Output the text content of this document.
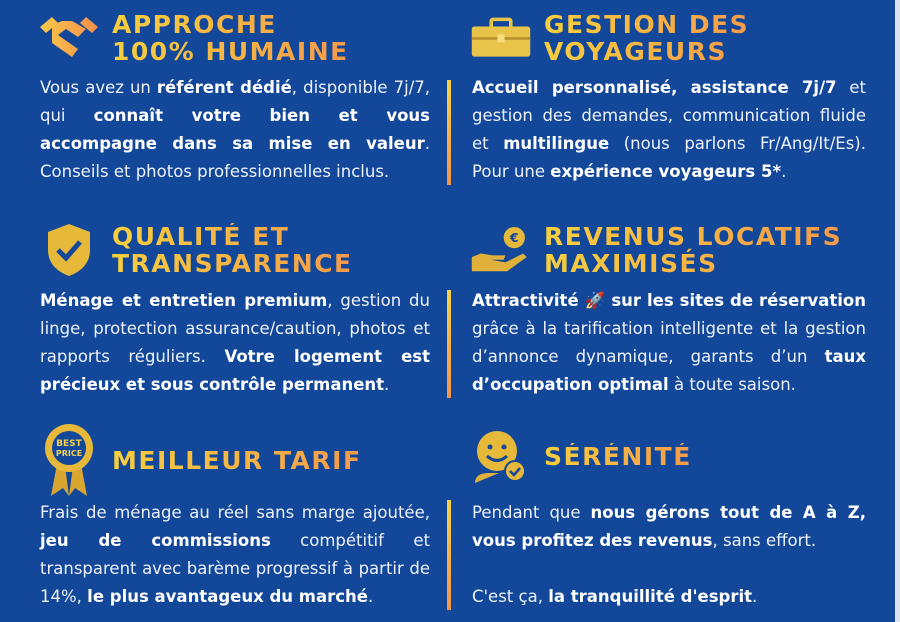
APPROCHE
100% HUMAINE
GESTION DES
VOYAGEURS
QUALITÉ ET
TRANSPARENCE
€ REVENUS LOCATIFS
MAXIMISÉS
BEST
PRICE MEILLEUR TARIF	SÉRÉNITÉ
Vous avez un référent dédié, disponible 7j/7, qui connaît votre bien et vous accompagne dans sa mise en valeur. Conseils et photos professionnelles inclus.
Accueil personnalisé, assistance 7j/7 et gestion des demandes, communication fluide et multilingue (nous parlons Fr/Ang/It/Es). Pour une expérience voyageurs 5*.
Ménage et entretien premium, gestion du linge, protection assurance/caution, photos et rapports réguliers. Votre logement est précieux et sous contrôle permanent.
Attractivité 🚀 sur les sites de réservation grâce à la tarification intelligente et la gestion d’annonce dynamique, garants d’un taux d’occupation optimal à toute saison.
Frais de ménage au réel sans marge ajoutée, jeu de commissions compétitif et transparent avec barème progressif à partir de 14%, le plus avantageux du marché.
Pendant que nous gérons tout de A à Z, vous profitez des revenus, sans effort.

C'est ça, la tranquillité d'esprit.
